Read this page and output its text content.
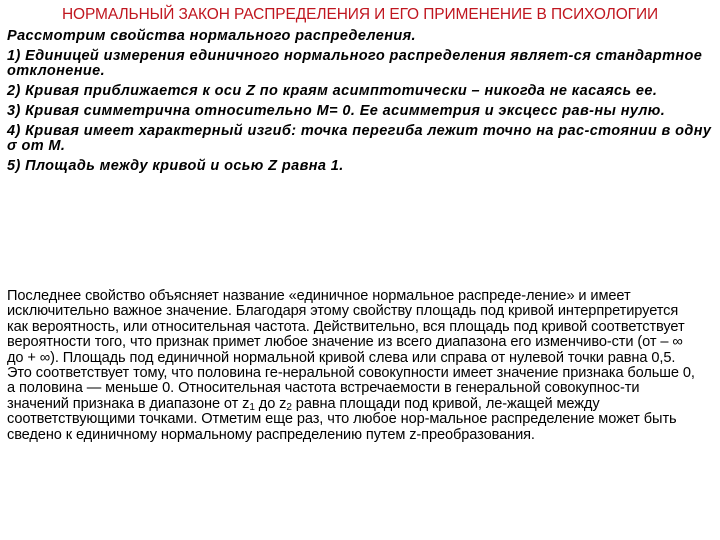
НОРМАЛЬНЫЙ ЗАКОН РАСПРЕДЕЛЕНИЯ И ЕГО ПРИМЕНЕНИЕ В ПСИХОЛОГИИ
Рассмотрим свойства нормального распределения.
1) Единицей измерения единичного нормального распределения являет-ся стандартное отклонение.
2) Кривая приближается к оси Z по краям асимптотически – никогда не касаясь ее.
3) Кривая симметрична относительно M= 0. Ее асимметрия и эксцесс рав-ны нулю.
4) Кривая имеет характерный изгиб: точка перегиба лежит точно на рас-стоянии в одну σ от M.
5) Площадь между кривой и осью Z равна 1.

Последнее свойство объясняет название «единичное нормальное распреде-ление» и имеет исключительно важное значение. Благодаря этому свойству площадь под кривой интерпретируется как вероятность, или относительная частота. Действительно, вся площадь под кривой соответствует вероятности того, что признак примет любое значение из всего диапазона его изменчиво-сти (от – ∞ до + ∞). Площадь под единичной нормальной кривой слева или справа от нулевой точки равна 0,5. Это соответствует тому, что половина ге-неральной совокупности имеет значение признака больше 0, а половина — меньше 0. Относительная частота встречаемости в генеральной совокупнос-ти значений признака в диапазоне от $z_1$ до $z_2$ равна площади под кривой, ле-жащей между соответствующими точками. Отметим еще раз, что любое нор-мальное распределение может быть сведено к единичному нормальному распределению путем z-преобразования.
